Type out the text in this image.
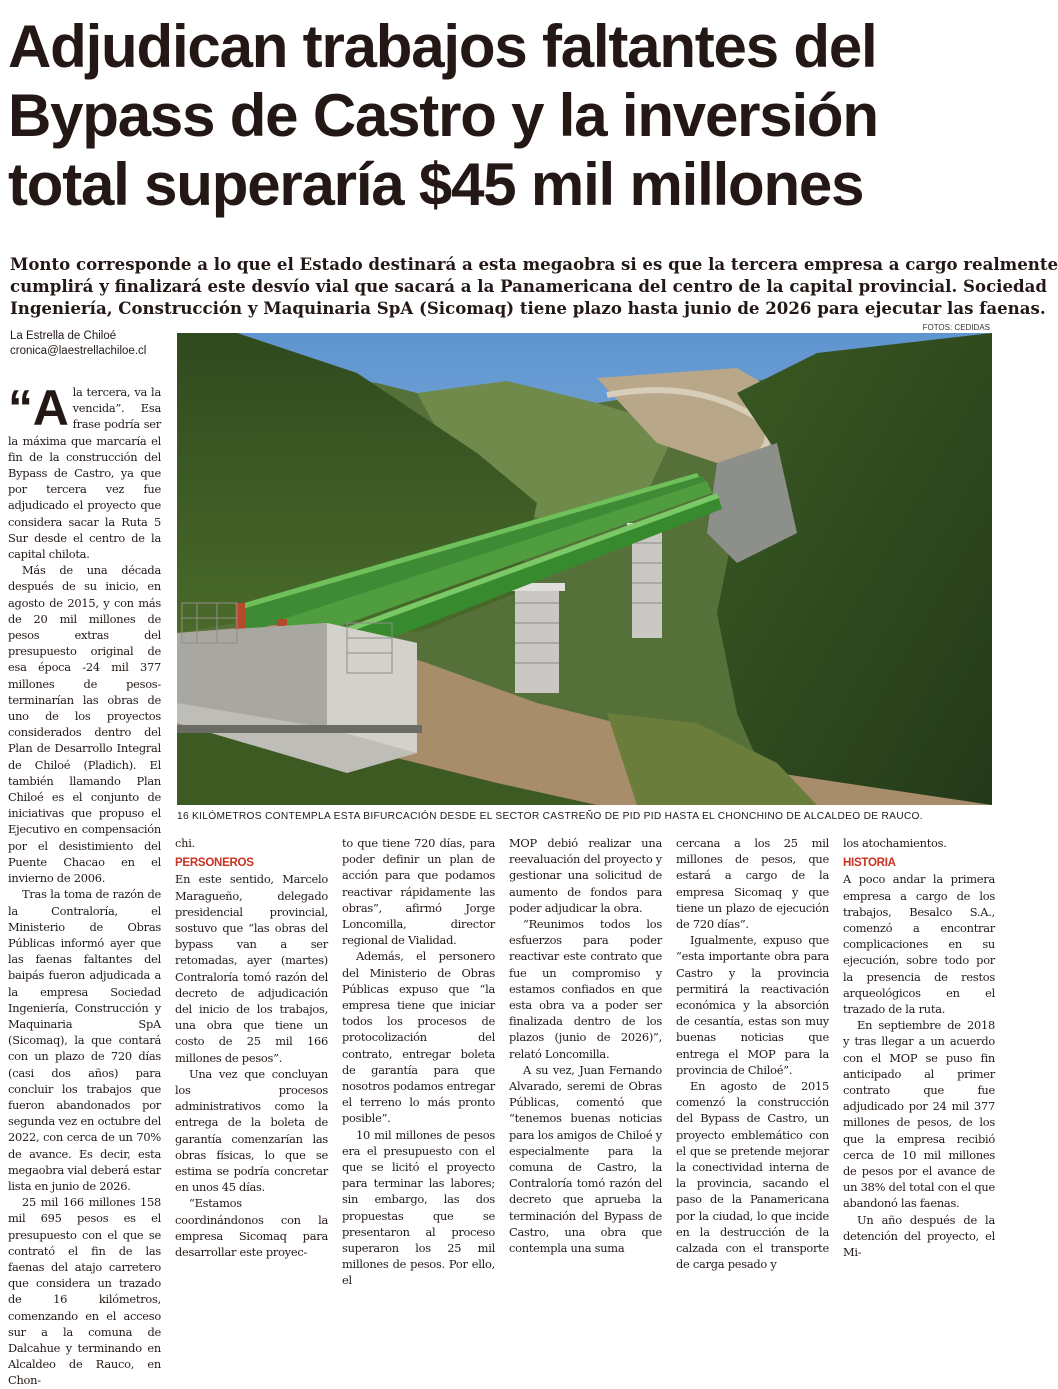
Adjudican trabajos faltantes del
Bypass de Castro y la inversión
total superaría $45 mil millones
Monto corresponde a lo que el Estado destinará a esta megaobra si es que la tercera empresa a cargo realmente
cumplirá y finalizará este desvío vial que sacará a la Panamericana del centro de la capital provincial. Sociedad
Ingeniería, Construcción y Maquinaria SpA (Sicomaq) tiene plazo hasta junio de 2026 para ejecutar las faenas.
La Estrella de Chiloé
cronica@laestrellachiloe.cl
FOTOS: CEDIDAS
16 KILÓMETROS CONTEMPLA ESTA BIFURCACIÓN DESDE EL SECTOR CASTREÑO DE PID PID HASTA EL CHONCHINO DE ALCALDEO DE RAUCO.
“A la tercera, va la vencida”. Esa frase podría ser la máxima que marcaría el fin de la construcción del Bypass de Castro, ya que por tercera vez fue adjudicado el proyecto que considera sacar la Ruta 5 Sur desde el centro de la capital chilota.

Más de una década después de su inicio, en agosto de 2015, y con más de 20 mil millones de pesos extras del presupuesto original de esa época -24 mil 377 millones de pesos- terminarían las obras de uno de los proyectos considerados dentro del Plan de Desarrollo Integral de Chiloé (Pladich). El también llamando Plan Chiloé es el conjunto de iniciativas que propuso el Ejecutivo en compensación por el desistimiento del Puente Chacao en el invierno de 2006.

Tras la toma de razón de la Contraloría, el Ministerio de Obras Públicas informó ayer que las faenas faltantes del baipás fueron adjudicada a la empresa Sociedad Ingeniería, Construcción y Maquinaria SpA (Sicomaq), la que contará con un plazo de 720 días (casi dos años) para concluir los trabajos que fueron abandonados por segunda vez en octubre del 2022, con cerca de un 70% de avance. Es decir, esta megaobra vial deberá estar lista en junio de 2026.

25 mil 166 millones 158 mil 695 pesos es el presupuesto con el que se contrató el fin de las faenas del atajo carretero que considera un trazado de 16 kilómetros, comenzando en el acceso sur a la comuna de Dalcahue y terminando en Alcaldeo de Rauco, en Chon-

chi.

PERSONEROS

En este sentido, Marcelo Maragueño, delegado presidencial provincial, sostuvo que “las obras del bypass van a ser retomadas, ayer (martes) Contraloría tomó razón del decreto de adjudicación del inicio de los trabajos, una obra que tiene un costo de 25 mil 166 millones de pesos”.

Una vez que concluyan los procesos administrativos como la entrega de la boleta de garantía comenzarían las obras físicas, lo que se estima se podría concretar en unos 45 días.

“Estamos coordinándonos con la empresa Sicomaq para desarrollar este proyec-

to que tiene 720 días, para poder definir un plan de acción para que podamos reactivar rápidamente las obras”, afirmó Jorge Loncomilla, director regional de Vialidad.

Además, el personero del Ministerio de Obras Públicas expuso que “la empresa tiene que iniciar todos los procesos de protocolización del contrato, entregar boleta de garantía para que nosotros podamos entregar el terreno lo más pronto posible”.

10 mil millones de pesos era el presupuesto con el que se licitó el proyecto para terminar las labores; sin embargo, las dos propuestas que se presentaron al proceso superaron los 25 mil millones de pesos. Por ello, el

MOP debió realizar una reevaluación del proyecto y gestionar una solicitud de aumento de fondos para poder adjudicar la obra.

“Reunimos todos los esfuerzos para poder reactivar este contrato que fue un compromiso y estamos confiados en que esta obra va a poder ser finalizada dentro de los plazos (junio de 2026)”, relató Loncomilla.

A su vez, Juan Fernando Alvarado, seremi de Obras Públicas, comentó que “tenemos buenas noticias para los amigos de Chiloé y especialmente para la comuna de Castro, la Contraloría tomó razón del decreto que aprueba la terminación del Bypass de Castro, una obra que contempla una suma

cercana a los 25 mil millones de pesos, que estará a cargo de la empresa Sicomaq y que tiene un plazo de ejecución de 720 días”.

Igualmente, expuso que “esta importante obra para Castro y la provincia permitirá la reactivación económica y la absorción de cesantía, estas son muy buenas noticias que entrega el MOP para la provincia de Chiloé”.

En agosto de 2015 comenzó la construcción del Bypass de Castro, un proyecto emblemático con el que se pretende mejorar la conectividad interna de la provincia, sacando el paso de la Panamericana por la ciudad, lo que incide en la destrucción de la calzada con el transporte de carga pesado y

los atochamientos.

HISTORIA

A poco andar la primera empresa a cargo de los trabajos, Besalco S.A., comenzó a encontrar complicaciones en su ejecución, sobre todo por la presencia de restos arqueológicos en el trazado de la ruta.

En septiembre de 2018 y tras llegar a un acuerdo con el MOP se puso fin anticipado al primer contrato que fue adjudicado por 24 mil 377 millones de pesos, de los que la empresa recibió cerca de 10 mil millones de pesos por el avance de un 38% del total con el que abandonó las faenas.

Un año después de la detención del proyecto, el Mi-
